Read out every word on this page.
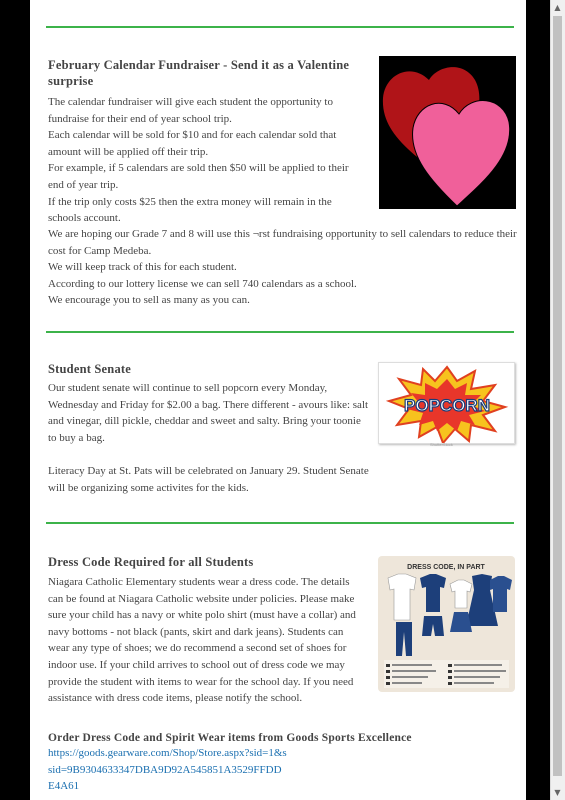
▲
▼
February Calendar Fundraiser - Send it as a Valentine surprise

The calendar fundraiser will give each student the opportunity to fundraise for their end of year school trip.

Each calendar will be sold for $10 and for each calendar sold that amount will be applied off their trip.

For example, if 5 calendars are sold then $50 will be applied to their end of year trip.

If the trip only costs $25 then the extra money will remain in the schools account.

We are hoping our Grade 7 and 8 will use this ¬rst fundraising opportunity to sell calendars to reduce their cost for Camp Medeba.

We will keep track of this for each student.

According to our lottery license we can sell 740 calendars as a school.

We encourage you to sell as many as you can.

Student Senate

Our student senate will continue to sell popcorn every Monday, Wednesday and Friday for $2.00 a bag. There different - avours like: salt and vinegar, dill pickle, cheddar and sweet and salty. Bring your toonie to buy a bag.

Literacy Day at St. Pats will be celebrated on January 29. Student Senate will be organizing some activites for the kids.

POPCORN
ShutterStock
Dress Code Required for all Students

Niagara Catholic Elementary students wear a dress code. The details can be found at Niagara Catholic website under policies. Please make sure your child has a navy or white polo shirt (must have a collar) and navy bottoms - not black (pants, skirt and dark jeans). Students can wear any type of shoes; we do recommend a second set of shoes for indoor use. If your child arrives to school out of dress code we may provide the student with items to wear for the school day. If you need assistance with dress code items, please notify the school.

DRESS CODE, IN PART
Order Dress Code and Spirit Wear items from Goods Sports Excellence
https://goods.gearware.com/Shop/Store.aspx?sid=1&ssid=9B9304633347DBA9D92A545851A3529FFDDE4A61
